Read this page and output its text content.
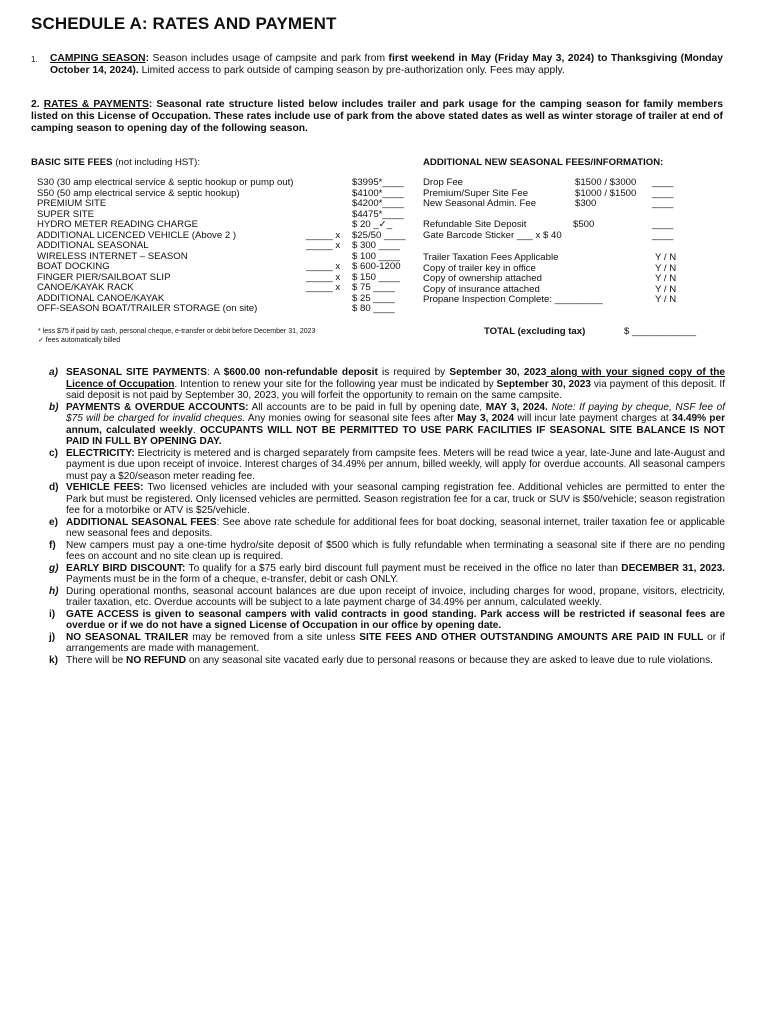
SCHEDULE A: RATES AND PAYMENT
1. CAMPING SEASON: Season includes usage of campsite and park from first weekend in May (Friday May 3, 2024) to Thanksgiving (Monday October 14, 2024). Limited access to park outside of camping season by pre-authorization only. Fees may apply.
2. RATES & PAYMENTS: Seasonal rate structure listed below includes trailer and park usage for the camping season for family members listed on this License of Occupation. These rates include use of park from the above stated dates as well as winter storage of trailer at end of camping season to opening day of the following season.
BASIC SITE FEES (not including HST):	ADDITIONAL NEW SEASONAL FEES/INFORMATION:
S30 (30 amp electrical service & septic hookup or pump out)	$3995*____
S50 (50 amp electrical service & septic hookup)	$4100*____
PREMIUM SITE	$4200*____
SUPER SITE	$4475*____
HYDRO METER READING CHARGE	$ 20 _✓_
ADDITIONAL LICENCED VEHICLE (Above 2 )	_____ x $25/50 ____
ADDITIONAL SEASONAL	_____ x $ 300 ____
WIRELESS INTERNET – SEASON	$ 100 ____
BOAT DOCKING	_____ x $ 600-1200
FINGER PIER/SAILBOAT SLIP	_____ x $ 150 ____
CANOE/KAYAK RACK	_____ x $ 75 ____
ADDITIONAL CANOE/KAYAK	$ 25 ____
OFF-SEASON BOAT/TRAILER STORAGE (on site)	$ 80 ____
Drop Fee	$1500 / $3000 ____
Premium/Super Site Fee	$1000 / $1500 ____
New Seasonal Admin. Fee	$300	____
Refundable Site Deposit	$500	____
Gate Barcode Sticker ___ x $ 40	____
Trailer Taxation Fees Applicable	Y / N
Copy of trailer key in office	Y / N
Copy of ownership attached	Y / N
Copy of insurance attached	Y / N
Propane Inspection Complete: _________	Y / N
* less $75 if paid by cash, personal cheque, e-transfer or debit before December 31, 2023
✓ fees automatically billed
TOTAL (excluding tax)	$ ____________
a) SEASONAL SITE PAYMENTS: A $600.00 non-refundable deposit is required by September 30, 2023 along with your signed copy of the Licence of Occupation. Intention to renew your site for the following year must be indicated by September 30, 2023 via payment of this deposit. If said deposit is not paid by September 30, 2023, you will forfeit the opportunity to remain on the same campsite.
b) PAYMENTS & OVERDUE ACCOUNTS: All accounts are to be paid in full by opening date, MAY 3, 2024. Note: If paying by cheque, NSF fee of $75 will be charged for invalid cheques. Any monies owing for seasonal site fees after May 3, 2024 will incur late payment charges at 34.49% per annum, calculated weekly. OCCUPANTS WILL NOT BE PERMITTED TO USE PARK FACILITIES IF SEASONAL SITE BALANCE IS NOT PAID IN FULL BY OPENING DAY.
c) ELECTRICITY: Electricity is metered and is charged separately from campsite fees. Meters will be read twice a year, late-June and late-August and payment is due upon receipt of invoice. Interest charges of 34.49% per annum, billed weekly, will apply for overdue accounts. All seasonal campers must pay a $20/season meter reading fee.
d) VEHICLE FEES: Two licensed vehicles are included with your seasonal camping registration fee. Additional vehicles are permitted to enter the Park but must be registered. Only licensed vehicles are permitted. Season registration fee for a car, truck or SUV is $50/vehicle; season registration fee for a motorbike or ATV is $25/vehicle.
e) ADDITIONAL SEASONAL FEES: See above rate schedule for additional fees for boat docking, seasonal internet, trailer taxation fee or applicable new seasonal fees and deposits.
f) New campers must pay a one-time hydro/site deposit of $500 which is fully refundable when terminating a seasonal site if there are no pending fees on account and no site clean up is required.
g) EARLY BIRD DISCOUNT: To qualify for a $75 early bird discount full payment must be received in the office no later than DECEMBER 31, 2023. Payments must be in the form of a cheque, e-transfer, debit or cash ONLY.
h) During operational months, seasonal account balances are due upon receipt of invoice, including charges for wood, propane, visitors, electricity, trailer taxation, etc. Overdue accounts will be subject to a late payment charge of 34.49% per annum, calculated weekly.
i) GATE ACCESS is given to seasonal campers with valid contracts in good standing. Park access will be restricted if seasonal fees are overdue or if we do not have a signed License of Occupation in our office by opening date.
j) NO SEASONAL TRAILER may be removed from a site unless SITE FEES AND OTHER OUTSTANDING AMOUNTS ARE PAID IN FULL or if arrangements are made with management.
k) There will be NO REFUND on any seasonal site vacated early due to personal reasons or because they are asked to leave due to rule violations.
